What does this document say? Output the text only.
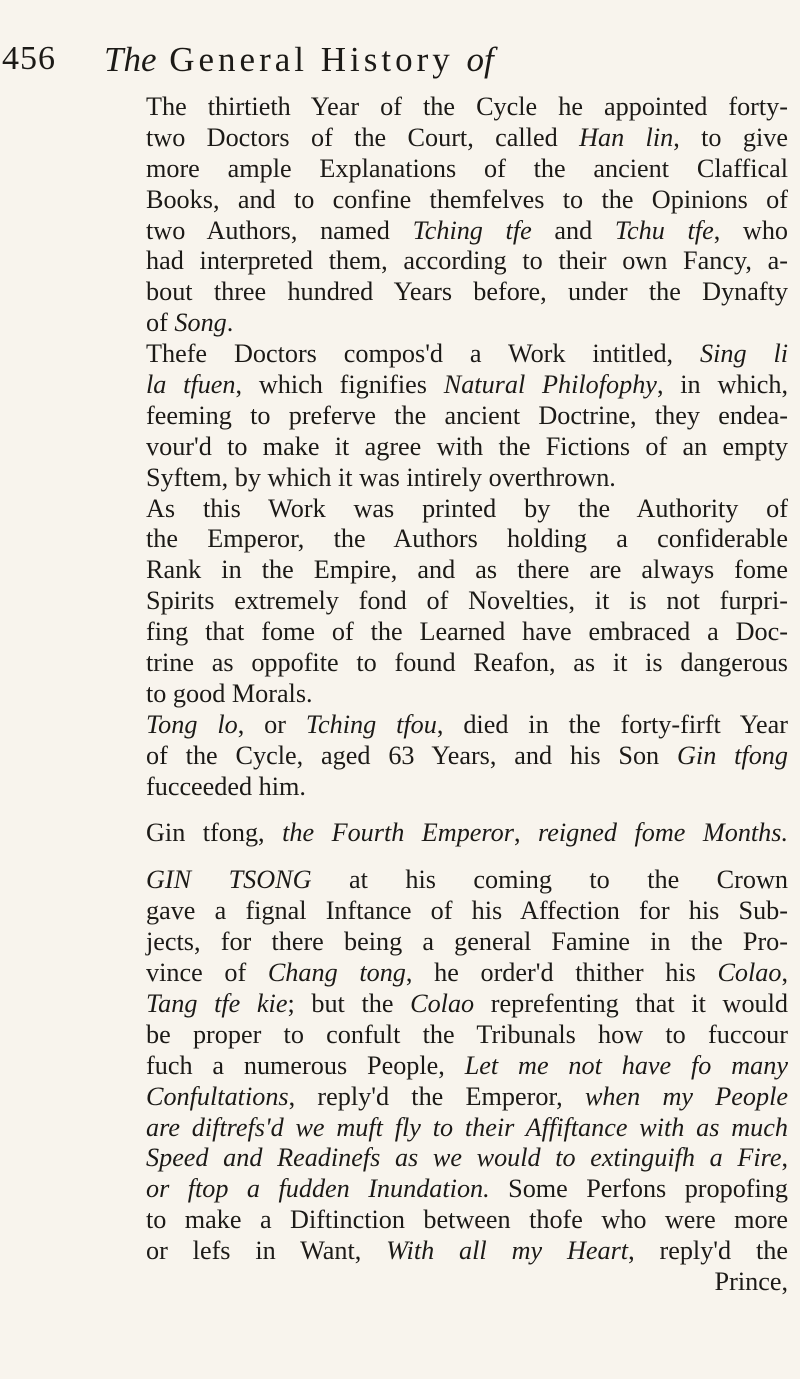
456 The General History of
The thirtieth Year of the Cycle he appointed forty-
two Doctors of the Court, called Han lin, to give
more ample Explanations of the ancient Claffical
Books, and to confine themfelves to the Opinions of
two Authors, named Tching tfe and Tchu tfe, who
had interpreted them, according to their own Fancy, a-
bout three hundred Years before, under the Dynafty
of Song.
Thefe Doctors compos'd a Work intitled, Sing li
la tfuen, which fignifies Natural Philofophy, in which,
feeming to preferve the ancient Doctrine, they endea-
vour'd to make it agree with the Fictions of an empty
Syftem, by which it was intirely overthrown.
As this Work was printed by the Authority of
the Emperor, the Authors holding a confiderable
Rank in the Empire, and as there are always fome
Spirits extremely fond of Novelties, it is not furpri-
fing that fome of the Learned have embraced a Doc-
trine as oppofite to found Reafon, as it is dangerous
to good Morals.
Tong lo, or Tching tfou, died in the forty-firft Year
of the Cycle, aged 63 Years, and his Son Gin tfong
fucceeded him.
Gin tfong, the Fourth Emperor, reigned fome Months.
GIN TSONG at his coming to the Crown
gave a fignal Inftance of his Affection for his Sub-
jects, for there being a general Famine in the Pro-
vince of Chang tong, he order'd thither his Colao,
Tang tfe kie; but the Colao reprefenting that it would
be proper to confult the Tribunals how to fuccour
fuch a numerous People, Let me not have fo many
Confultations, reply'd the Emperor, when my People
are diftrefs'd we muft fly to their Affiftance with as much
Speed and Readinefs as we would to extinguifh a Fire,
or ftop a fudden Inundation. Some Perfons propofing
to make a Diftinction between thofe who were more
or lefs in Want, With all my Heart, reply'd the
Prince,
